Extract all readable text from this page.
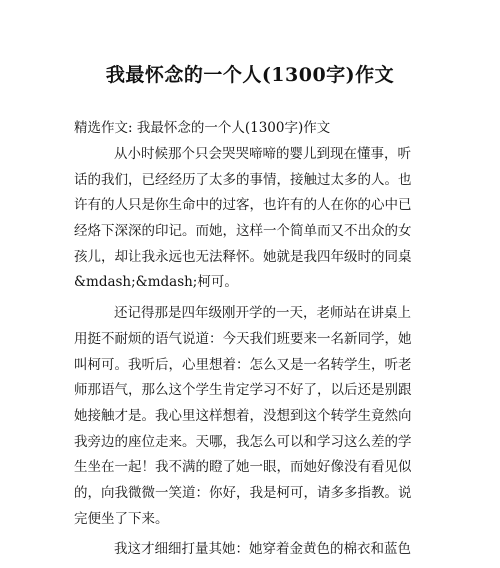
我最怀念的一个人(1300字)作文
精选作文: 我最怀念的一个人(1300字)作文
从小时候那个只会哭哭啼啼的婴儿到现在懂事，听
话的我们，已经经历了太多的事情，接触过太多的人。也
许有的人只是你生命中的过客，也许有的人在你的心中已
经烙下深深的印记。而她，这样一个简单而又不出众的女
孩儿，却让我永远也无法释怀。她就是我四年级时的同桌
&mdash;&mdash;柯可。
还记得那是四年级刚开学的一天，老师站在讲桌上
用挺不耐烦的语气说道：今天我们班要来一名新同学，她
叫柯可。我听后，心里想着：怎么又是一名转学生，听老
师那语气，那么这个学生肯定学习不好了，以后还是别跟
她接触才是。我心里这样想着，没想到这个转学生竟然向
我旁边的座位走来。天哪，我怎么可以和学习这么差的学
生坐在一起！我不满的瞪了她一眼，而她好像没有看见似
的，向我微微一笑道：你好，我是柯可，请多多指教。说
完便坐了下来。
我这才细细打量其她：她穿着金黄色的棉衣和蓝色
